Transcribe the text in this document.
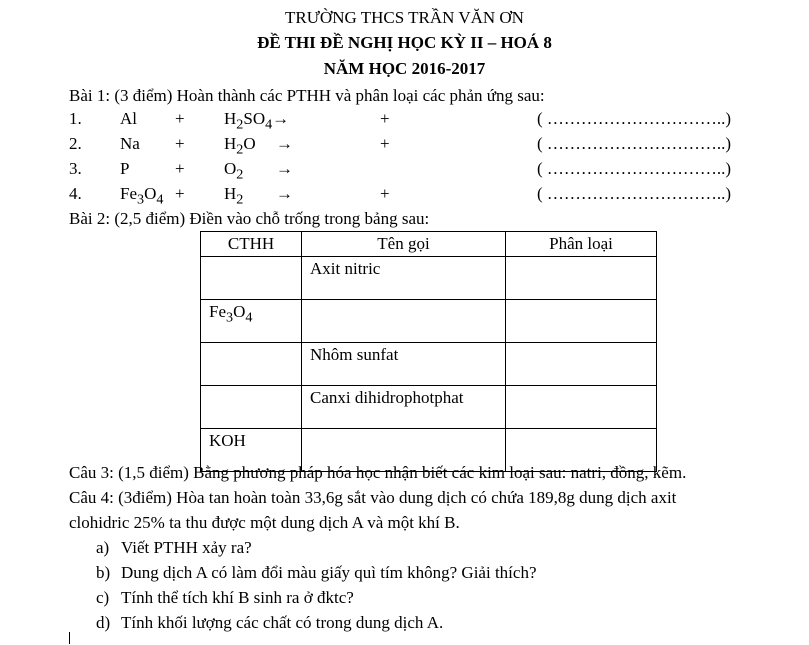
TRƯỜNG THCS TRẦN VĂN ƠN
ĐỀ THI ĐỀ NGHỊ HỌC KỲ II – HOÁ 8
NĂM HỌC 2016-2017
Bài 1: (3 điểm) Hoàn thành các PTHH và phân loại các phản ứng sau:
1. $Al + H_2SO_4\to$	+	( …………………………..)
2. $Na + H_2O$ →	+	( …………………………..)
3. P	+ $O_2$ →	( …………………………..)
4. $Fe_3O_4 + H_2$ →	+	( …………………………..)
Bài 2: (2,5 điểm) Điền vào chỗ trống trong bảng sau:
CTHH	Tên gọi	Phân loại
	Axit nitric	
$Fe_3O_4$		
	Nhôm sunfat	
	Canxi dihidrophotphat	
KOH		
Câu 3: (1,5 điểm) Bằng phương pháp hóa học nhận biết các kim loại sau: natri, đồng, kẽm.
Câu 4: (3điểm) Hòa tan hoàn toàn 33,6g sắt vào dung dịch có chứa 189,8g dung dịch axit
clohidric 25% ta thu được một dung dịch A và một khí B.
a) Viết PTHH xảy ra?
b) Dung dịch A có làm đổi màu giấy quì tím không? Giải thích?
c) Tính thể tích khí B sinh ra ở đktc?
d) Tính khối lượng các chất có trong dung dịch A.
